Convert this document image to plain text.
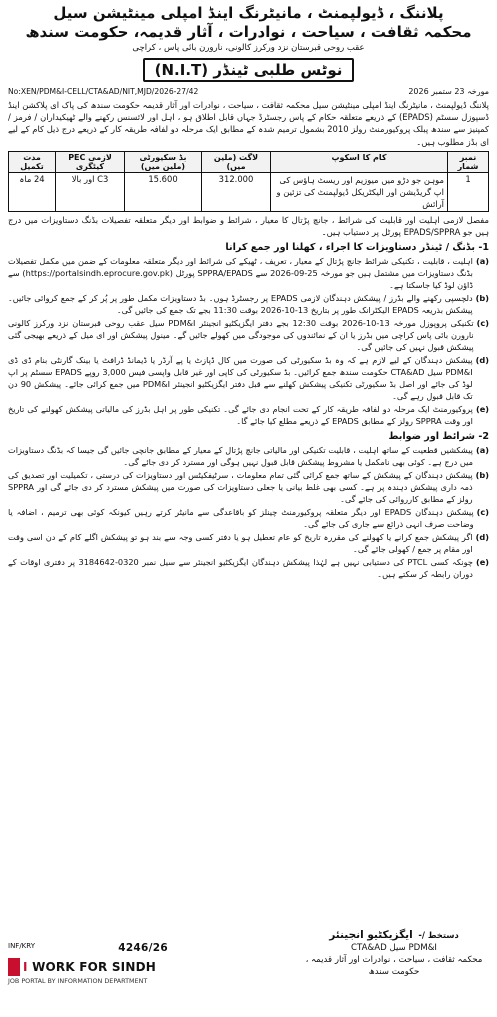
پلاننگ ، ڈیولپمنٹ ، مانیٹرنگ اینڈ امپلی مینٹیشن سیل
محکمہ ثقافت ، سیاحت ، نوادرات ، آثار قدیمہ، حکومت سندھ
عقب روحی قبرستان نزد ورکرز کالونی، نارورن بائی پاس ، کراچی
نوٹس طلبی ٹینڈر (N.I.T)
No:XEN/PDM&I-CELL/CTA&AD/NIT,MJD/2026-27/42	مورخہ 23 ستمبر 2026
پلاننگ ڈیولپمنٹ ، مانیٹرنگ اینڈ امپلی مینٹیشن سیل محکمہ ثقافت ، سیاحت ، نوادرات اور آثار قدیمہ حکومت سندھ کی پاک ای پلاکشن اینڈ ڈسپوزل سسٹم (EPADS) کے ذریعے متعلقہ حکام کے پاس رجسٹرڈ جہاں قابل اطلاق ہو ، اہل اور لائسنس رکھنے والے ٹھیکیداران / فرمز / کمپنیز سے سندھ پبلک پروکیورمنٹ رولز 2010 بشمول ترمیم شدہ کے مطابق ایک مرحلہ دو لفافہ طریقہ کار کے ذریعے درج ذیل کام کے لیے ای بڈز مطلوب ہیں۔
نمبر شمار	کام کا اسکوپ	لاگت (ملین میں)	بڈ سکیورٹی (ملین میں)	لازمی PEC کیٹگری	مدت تکمیل
1	موہن جو دڑو میں میوزیم اور ریسٹ ہاؤس کی اپ گریڈیشن اور الیکٹریکل ڈیولپمنٹ کی تزئین و آرائش	312.000	15.600	C3 اور بالا	24 ماہ
مفصل لازمی اہلیت اور قابلیت کی شرائط ، جانچ پڑتال کا معیار ، شرائط و ضوابط اور دیگر متعلقہ تفصیلات بڈنگ دستاویزات میں درج ہیں جو EPADS/SPPRA پورٹل پر دستیاب ہیں۔
1- بڈنگ / ٹینڈر دستاویزات کا اجراء ، کھلنا اور جمع کرانا
(a)
اہلیت ، قابلیت ، تکنیکی شرائط جانچ پڑتال کے معیار ، تعریف ، ٹھیکے کی شرائط اور دیگر متعلقہ معلومات کے ضمن میں مکمل تفصیلات بڈنگ دستاویزات میں مشتمل ہیں جو مورخہ 25-09-2026 سے SPPRA/EPADS پورٹل (https://portalsindh.eprocure.gov.pk) سے ڈاؤن لوڈ کیا جاسکتا ہے۔
(b)
دلچسپی رکھنے والے بڈرز / پیشکش دہندگان لازمی EPADS پر رجسٹرڈ ہوں۔ بڈ دستاویزات مکمل طور پر پُر کر کے جمع کروائی جائیں۔ پیشکش بذریعہ EPADS الیکٹرانک طور پر بتاریخ 13-10-2026 بوقت 11:30 بجے تک جمع کی جائیں گی۔
(c)
تکنیکی پروپوزل مورخہ 13-10-2026 بوقت 12:30 بجے دفتر ایگزیکٹیو انجینئر PDM&I سیل عقب روحی قبرستان نزد ورکرز کالونی نارورن بائی پاس کراچی میں بڈرز یا ان کے نمائندوں کی موجودگی میں کھولے جائیں گے۔ مینول پیشکش اور ای میل کے ذریعے بھیجی گئی پیشکش قبول نہیں کی جائیں گی۔
(d)
پیشکش دہندگان کے لیے لازم ہے کہ وہ بڈ سکیورٹی کی صورت میں کال ڈپازٹ یا پے آرڈر یا ڈیمانڈ ڈرافٹ یا بینک گارنٹی بنام ڈی ڈی PDM&I سیل CTA&AD حکومت سندھ جمع کرائیں۔ بڈ سکیورٹی کی کاپی اور غیر قابل واپسی فیس 3,000 روپے EPADS سسٹم پر اپ لوڈ کی جائے اور اصل بڈ سکیورٹی تکنیکی پیشکش کھلنے سے قبل دفتر ایگزیکٹیو انجینئر PDM&I میں جمع کرائی جائے۔ پیشکش 90 دن تک قابل قبول رہے گی۔
(e)
پروکیورمنٹ ایک مرحلہ دو لفافہ طریقہ کار کے تحت انجام دی جائے گی۔ تکنیکی طور پر اہل بڈرز کی مالیاتی پیشکش کھولنے کی تاریخ اور وقت SPPRA رولز کے مطابق EPADS کے ذریعے مطلع کیا جائے گا۔
2- شرائط اور ضوابط
(a)
پیشکشیں قطعیت کے ساتھ اہلیت ، قابلیت تکنیکی اور مالیاتی جانچ پڑتال کے معیار کے مطابق جانچی جائیں گی جیسا کہ بڈنگ دستاویزات میں درج ہے۔ کوئی بھی نامکمل یا مشروط پیشکش قابل قبول نہیں ہوگی اور مسترد کر دی جائے گی۔
(b)
پیشکش دہندگان کے پیشکش کے ساتھ جمع کرائی گئی تمام معلومات ، سرٹیفکیٹس اور دستاویزات کی درستی ، تکمیلیت اور تصدیق کی ذمہ داری پیشکش دہندہ پر ہے۔ کسی بھی غلط بیانی یا جعلی دستاویزات کی صورت میں پیشکش مسترد کر دی جائے گی اور SPPRA رولز کے مطابق کارروائی کی جائے گی۔
(c)
پیشکش دہندگان EPADS اور دیگر متعلقہ پروکیورمنٹ چینلز کو باقاعدگی سے مانیٹر کرتے رہیں کیونکہ کوئی بھی ترمیم ، اضافہ یا وضاحت صرف انہی ذرائع سے جاری کی جائے گی۔
(d)
اگر پیشکش جمع کرانے یا کھولنے کی مقررہ تاریخ کو عام تعطیل ہو یا دفتر کسی وجہ سے بند ہو تو پیشکش اگلے کام کے دن اسی وقت اور مقام پر جمع / کھولی جائے گی۔
(e)
چونکہ کسی PTCL کی دستیابی نہیں ہے لہٰذا پیشکش دہندگان ایگزیکٹیو انجینئر سے سیل نمبر 0320-3184642 پر دفتری اوقات کے دوران رابطہ کر سکتے ہیں۔
دستخط /- ایگزیکٹیو انجینئر
PDM&I سیل CTA&AD
محکمہ ثقافت ، سیاحت ، نوادرات اور آثار قدیمہ ، حکومت سندھ
INF/KRY	4246/26
I WORK FOR SINDH
JOB PORTAL BY INFORMATION DEPARTMENT
